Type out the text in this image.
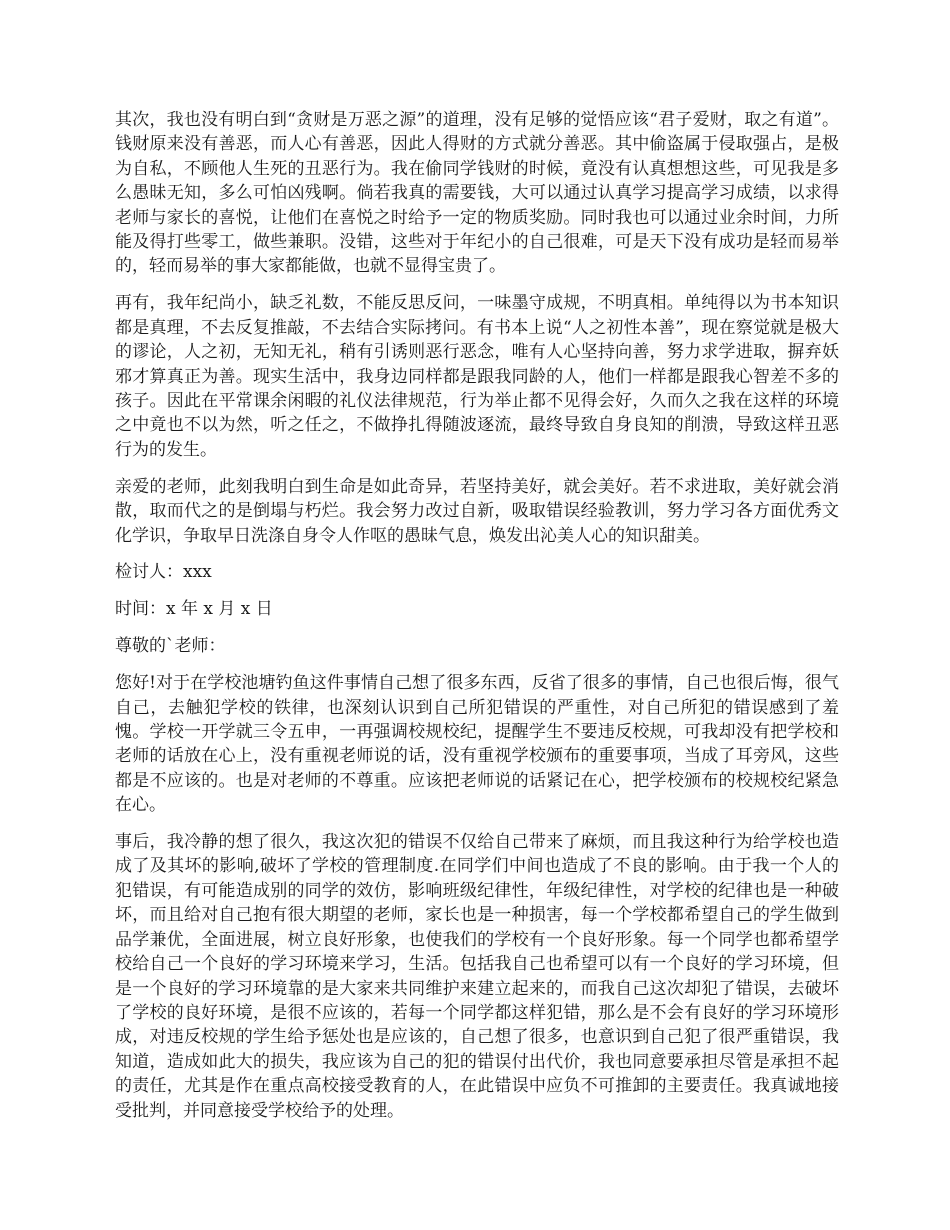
其次，我也没有明白到“贪财是万恶之源”的道理，没有足够的觉悟应该“君子爱财，取之有道”。钱财原来没有善恶，而人心有善恶，因此人得财的方式就分善恶。其中偷盗属于侵取强占，是极为自私，不顾他人生死的丑恶行为。我在偷同学钱财的时候，竟没有认真想想这些，可见我是多么愚昧无知，多么可怕凶残啊。倘若我真的需要钱，大可以通过认真学习提高学习成绩，以求得老师与家长的喜悦，让他们在喜悦之时给予一定的物质奖励。同时我也可以通过业余时间，力所能及得打些零工，做些兼职。没错，这些对于年纪小的自己很难，可是天下没有成功是轻而易举的，轻而易举的事大家都能做，也就不显得宝贵了。

再有，我年纪尚小，缺乏礼数，不能反思反问，一味墨守成规，不明真相。单纯得以为书本知识都是真理，不去反复推敲，不去结合实际拷问。有书本上说“人之初性本善”，现在察觉就是极大的谬论，人之初，无知无礼，稍有引诱则恶行恶念，唯有人心坚持向善，努力求学进取，摒弃妖邪才算真正为善。现实生活中，我身边同样都是跟我同龄的人，他们一样都是跟我心智差不多的孩子。因此在平常课余闲暇的礼仪法律规范，行为举止都不见得会好，久而久之我在这样的环境之中竟也不以为然，听之任之，不做挣扎得随波逐流，最终导致自身良知的削溃，导致这样丑恶行为的发生。

亲爱的老师，此刻我明白到生命是如此奇异，若坚持美好，就会美好。若不求进取，美好就会消散，取而代之的是倒塌与朽烂。我会努力改过自新，吸取错误经验教训，努力学习各方面优秀文化学识，争取早日洗涤自身令人作呕的愚昧气息，焕发出沁美人心的知识甜美。

检讨人：xxx

时间：x 年 x 月 x 日

尊敬的`老师：

您好!对于在学校池塘钓鱼这件事情自己想了很多东西，反省了很多的事情，自己也很后悔，很气自己，去触犯学校的铁律，也深刻认识到自己所犯错误的严重性，对自己所犯的错误感到了羞愧。学校一开学就三令五申，一再强调校规校纪，提醒学生不要违反校规，可我却没有把学校和老师的话放在心上，没有重视老师说的话，没有重视学校颁布的重要事项，当成了耳旁风，这些都是不应该的。也是对老师的不尊重。应该把老师说的话紧记在心，把学校颁布的校规校纪紧急在心。

事后，我冷静的想了很久，我这次犯的错误不仅给自己带来了麻烦，而且我这种行为给学校也造成了及其坏的影响,破坏了学校的管理制度.在同学们中间也造成了不良的影响。由于我一个人的犯错误，有可能造成别的同学的效仿，影响班级纪律性，年级纪律性，对学校的纪律也是一种破坏，而且给对自己抱有很大期望的老师，家长也是一种损害，每一个学校都希望自己的学生做到品学兼优，全面进展，树立良好形象，也使我们的学校有一个良好形象。每一个同学也都希望学校给自己一个良好的学习环境来学习，生活。包括我自己也希望可以有一个良好的学习环境，但是一个良好的学习环境靠的是大家来共同维护来建立起来的，而我自己这次却犯了错误，去破坏了学校的良好环境，是很不应该的，若每一个同学都这样犯错，那么是不会有良好的学习环境形成，对违反校规的学生给予惩处也是应该的，自己想了很多，也意识到自己犯了很严重错误，我知道，造成如此大的损失，我应该为自己的犯的错误付出代价，我也同意要承担尽管是承担不起的责任，尤其是作在重点高校接受教育的人，在此错误中应负不可推卸的主要责任。我真诚地接受批判，并同意接受学校给予的处理。
